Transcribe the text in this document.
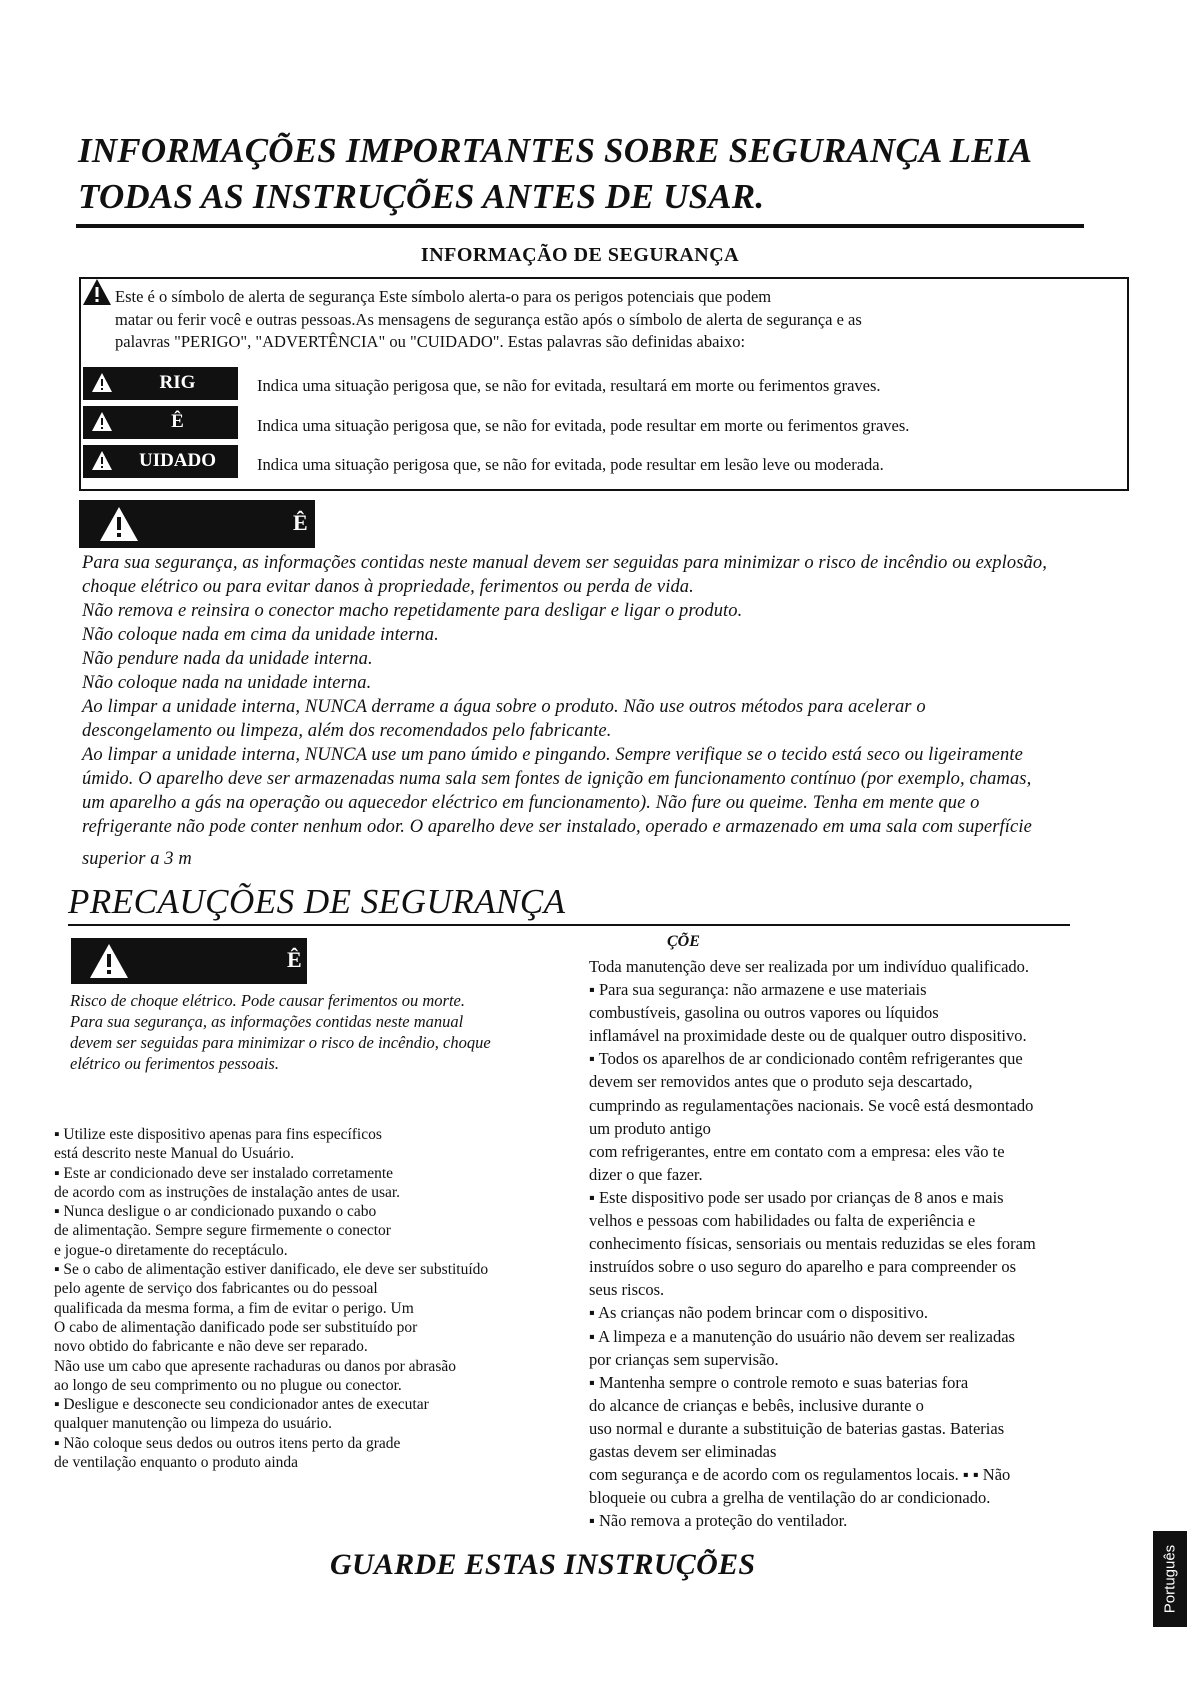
INFORMAÇÕES IMPORTANTES SOBRE SEGURANÇA LEIA
TODAS AS INSTRUÇÕES ANTES DE USAR.
INFORMAÇÃO DE SEGURANÇA
Este é o símbolo de alerta de segurança Este símbolo alerta-o para os perigos potenciais que podem
matar ou ferir você e outras pessoas.As mensagens de segurança estão após o símbolo de alerta de segurança e as
palavras "PERIGO", "ADVERTÊNCIA" ou "CUIDADO". Estas palavras são definidas abaixo:
RIG	Indica uma situação perigosa que, se não for evitada, resultará em morte ou ferimentos graves.
Ê	Indica uma situação perigosa que, se não for evitada, pode resultar em morte ou ferimentos graves.
UIDADO	Indica uma situação perigosa que, se não for evitada, pode resultar em lesão leve ou moderada.
Ê
Para sua segurança, as informações contidas neste manual devem ser seguidas para minimizar o risco de incêndio ou explosão,
choque elétrico ou para evitar danos à propriedade, ferimentos ou perda de vida.
Não remova e reinsira o conector macho repetidamente para desligar e ligar o produto.
Não coloque nada em cima da unidade interna.
Não pendure nada da unidade interna.
Não coloque nada na unidade interna.
Ao limpar a unidade interna, NUNCA derrame a água sobre o produto. Não use outros métodos para acelerar o
descongelamento ou limpeza, além dos recomendados pelo fabricante.
Ao limpar a unidade interna, NUNCA use um pano úmido e pingando. Sempre verifique se o tecido está seco ou ligeiramente
úmido. O aparelho deve ser armazenadas numa sala sem fontes de ignição em funcionamento contínuo (por exemplo, chamas,
um aparelho a gás na operação ou aquecedor eléctrico em funcionamento). Não fure ou queime. Tenha em mente que o
refrigerante não pode conter nenhum odor. O aparelho deve ser instalado, operado e armazenado em uma sala com superfície
superior a 3 m
PRECAUÇÕES DE SEGURANÇA
Ê
Risco de choque elétrico. Pode causar ferimentos ou morte.
Para sua segurança, as informações contidas neste manual
devem ser seguidas para minimizar o risco de incêndio, choque
elétrico ou ferimentos pessoais.
▪ Utilize este dispositivo apenas para fins específicos
está descrito neste Manual do Usuário.
▪ Este ar condicionado deve ser instalado corretamente
de acordo com as instruções de instalação antes de usar.
▪ Nunca desligue o ar condicionado puxando o cabo
de alimentação. Sempre segure firmemente o conector
e jogue-o diretamente do receptáculo.
▪ Se o cabo de alimentação estiver danificado, ele deve ser substituído
pelo agente de serviço dos fabricantes ou do pessoal
qualificada da mesma forma, a fim de evitar o perigo. Um
O cabo de alimentação danificado pode ser substituído por
novo obtido do fabricante e não deve ser reparado.
Não use um cabo que apresente rachaduras ou danos por abrasão
ao longo de seu comprimento ou no plugue ou conector.
▪ Desligue e desconecte seu condicionador antes de executar
qualquer manutenção ou limpeza do usuário.
▪ Não coloque seus dedos ou outros itens perto da grade
de ventilação enquanto o produto ainda
ÇÕE
Toda manutenção deve ser realizada por um indivíduo qualificado.
▪ Para sua segurança: não armazene e use materiais
combustíveis, gasolina ou outros vapores ou líquidos
inflamável na proximidade deste ou de qualquer outro dispositivo.
▪ Todos os aparelhos de ar condicionado contêm refrigerantes que
devem ser removidos antes que o produto seja descartado,
cumprindo as regulamentações nacionais. Se você está desmontado
um produto antigo
com refrigerantes, entre em contato com a empresa: eles vão te
dizer o que fazer.
▪ Este dispositivo pode ser usado por crianças de 8 anos e mais
velhos e pessoas com habilidades ou falta de experiência e
conhecimento físicas, sensoriais ou mentais reduzidas se eles foram
instruídos sobre o uso seguro do aparelho e para compreender os
seus riscos.
▪ As crianças não podem brincar com o dispositivo.
▪ A limpeza e a manutenção do usuário não devem ser realizadas
por crianças sem supervisão.
▪ Mantenha sempre o controle remoto e suas baterias fora
do alcance de crianças e bebês, inclusive durante o
uso normal e durante a substituição de baterias gastas. Baterias
gastas devem ser eliminadas
com segurança e de acordo com os regulamentos locais. ▪ ▪ Não
bloqueie ou cubra a grelha de ventilação do ar condicionado.
▪ Não remova a proteção do ventilador.
GUARDE ESTAS INSTRUÇÕES	Português
